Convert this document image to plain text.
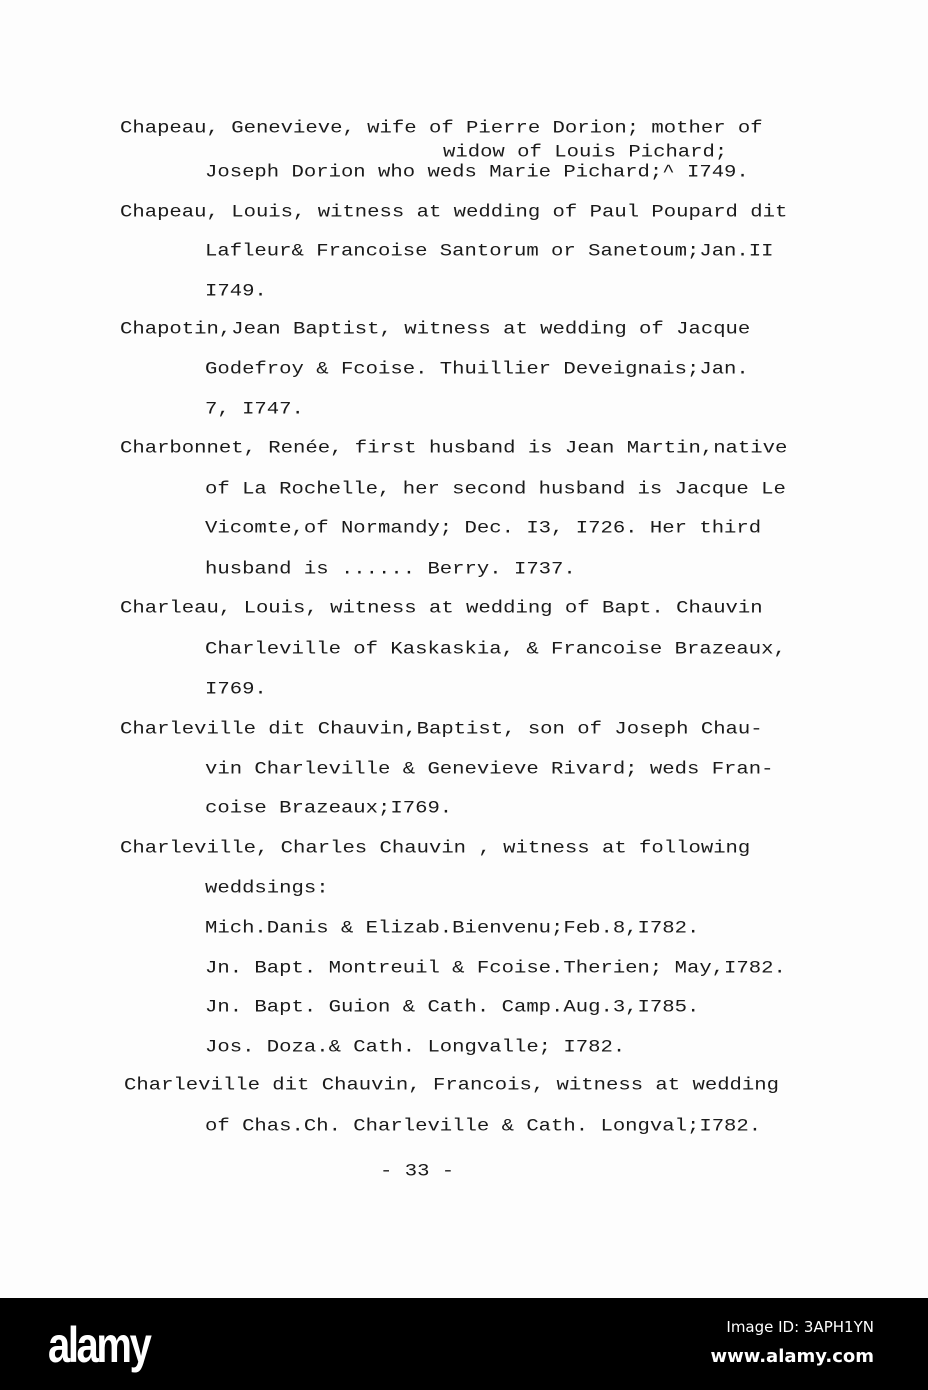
- 33 -
Chapeau, Genevieve, wife of Pierre Dorion; mother of
widow of Louis Pichard;
Joseph Dorion who weds Marie Pichard;^ I749.
Chapeau, Louis, witness at wedding of Paul Poupard dit
Lafleur& Francoise Santorum or Sanetoum;Jan.II
I749.
Chapotin,Jean Baptist, witness at wedding of Jacque
Godefroy & Fcoise. Thuillier Deveignais;Jan.
7, I747.
Charbonnet, Renée, first husband is Jean Martin,native
of La Rochelle, her second husband is Jacque Le
Vicomte,of Normandy; Dec. I3, I726. Her third
husband is ...... Berry. I737.
Charleau, Louis, witness at wedding of Bapt. Chauvin
Charleville of Kaskaskia, & Francoise Brazeaux,
I769.
Charleville dit Chauvin,Baptist, son of Joseph Chau-
vin Charleville & Genevieve Rivard; weds Fran-
coise Brazeaux;I769.
Charleville, Charles Chauvin , witness at following
weddsings:
Mich.Danis & Elizab.Bienvenu;Feb.8,I782.
Jn. Bapt. Montreuil & Fcoise.Therien; May,I782.
Jn. Bapt. Guion & Cath. Camp.Aug.3,I785.
Jos. Doza.& Cath. Longvalle; I782.
Charleville dit Chauvin, Francois, witness at wedding
of Chas.Ch. Charleville & Cath. Longval;I782.
alamy	Image ID: 3APH1YN
www.alamy.com
